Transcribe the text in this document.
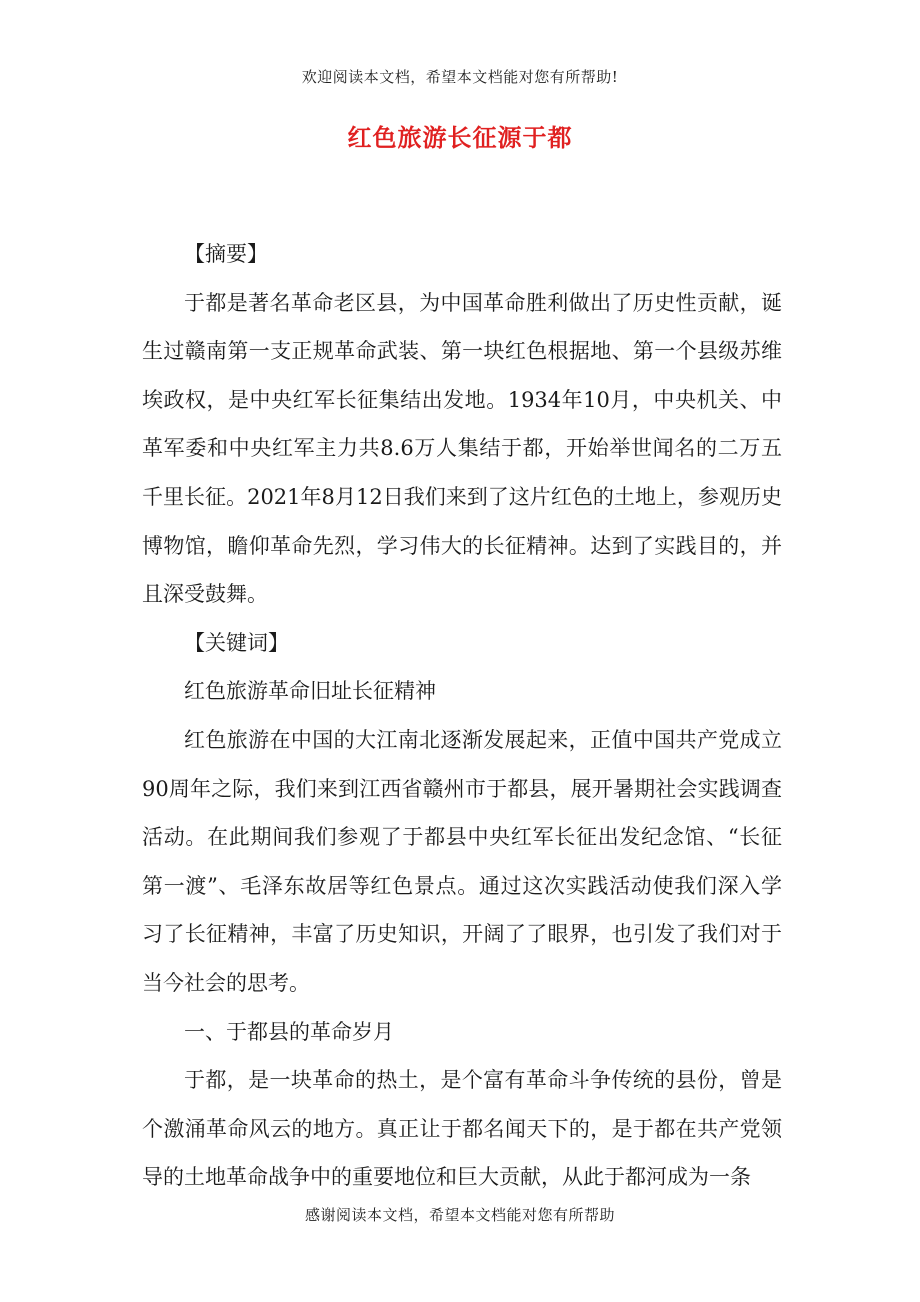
欢迎阅读本文档，希望本文档能对您有所帮助!
红色旅游长征源于都

【摘要】

于都是著名革命老区县，为中国革命胜利做出了历史性贡献，诞生过赣南第一支正规革命武装、第一块红色根据地、第一个县级苏维埃政权，是中央红军长征集结出发地。1934年10月，中央机关、中革军委和中央红军主力共8.6万人集结于都，开始举世闻名的二万五千里长征。2021年8月12日我们来到了这片红色的土地上，参观历史博物馆，瞻仰革命先烈，学习伟大的长征精神。达到了实践目的，并且深受鼓舞。

【关键词】

红色旅游革命旧址长征精神

红色旅游在中国的大江南北逐渐发展起来，正值中国共产党成立90周年之际，我们来到江西省赣州市于都县，展开暑期社会实践调查活动。在此期间我们参观了于都县中央红军长征出发纪念馆、“长征第一渡”、毛泽东故居等红色景点。通过这次实践活动使我们深入学习了长征精神，丰富了历史知识，开阔了了眼界，也引发了我们对于当今社会的思考。

一、于都县的革命岁月

于都，是一块革命的热土，是个富有革命斗争传统的县份，曾是个激涌革命风云的地方。真正让于都名闻天下的，是于都在共产党领导的土地革命战争中的重要地位和巨大贡献，从此于都河成为一条

感谢阅读本文档，希望本文档能对您有所帮助
